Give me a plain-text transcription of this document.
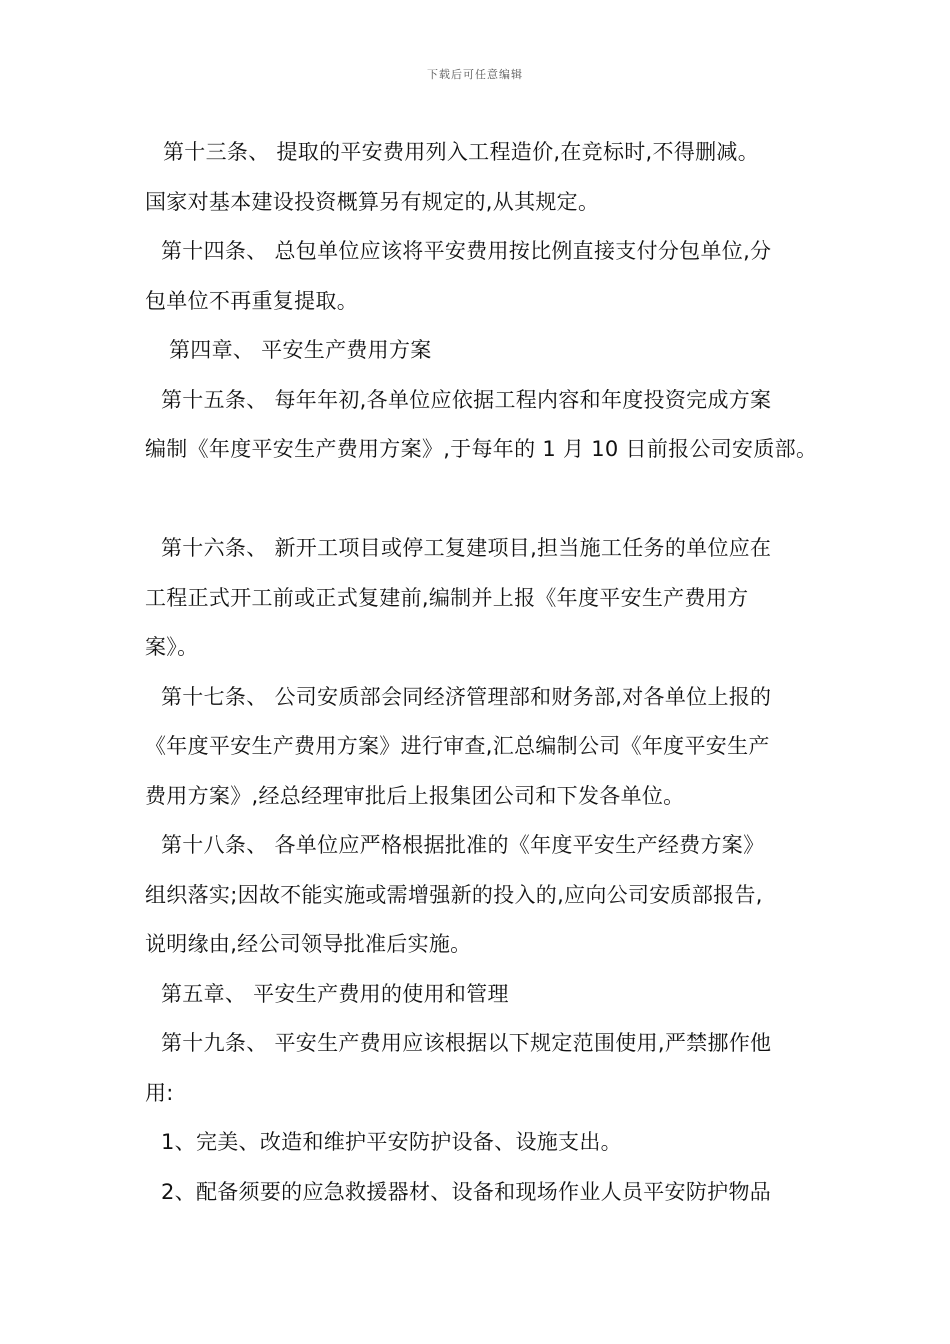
下载后可任意编辑
第十三条、 提取的平安费用列入工程造价,在竞标时,不得删减。
国家对基本建设投资概算另有规定的,从其规定。
第十四条、 总包单位应该将平安费用按比例直接支付分包单位,分
包单位不再重复提取。
第四章、 平安生产费用方案
第十五条、 每年年初,各单位应依据工程内容和年度投资完成方案
编制《年度平安生产费用方案》,于每年的 1 月 10 日前报公司安质部。
第十六条、 新开工项目或停工复建项目,担当施工任务的单位应在
工程正式开工前或正式复建前,编制并上报《年度平安生产费用方
案》。
第十七条、 公司安质部会同经济管理部和财务部,对各单位上报的
《年度平安生产费用方案》进行审查,汇总编制公司《年度平安生产
费用方案》,经总经理审批后上报集团公司和下发各单位。
第十八条、 各单位应严格根据批准的《年度平安生产经费方案》
组织落实;因故不能实施或需增强新的投入的,应向公司安质部报告,
说明缘由,经公司领导批准后实施。
第五章、 平安生产费用的使用和管理
第十九条、 平安生产费用应该根据以下规定范围使用,严禁挪作他
用:
1、完美、改造和维护平安防护设备、设施支出。
2、配备须要的应急救援器材、设备和现场作业人员平安防护物品
